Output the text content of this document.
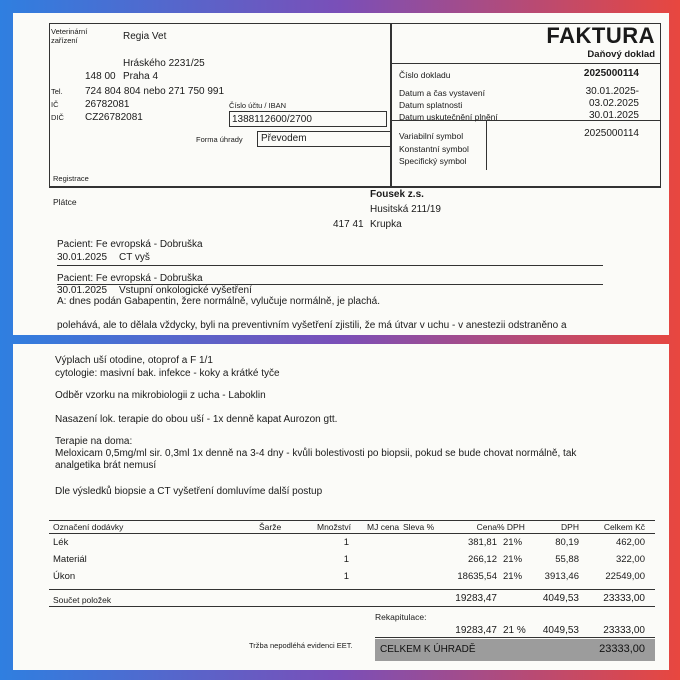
Veterinární zařízení	Regia Vet
Hráského 2231/25
148 00 Praha 4
Tel. 724 804 804 nebo 271 750 991
IČ	26782081	Číslo účtu / IBAN
DIČ CZ26782081	1388112600/2700
Forma úhrady Převodem
Registrace
FAKTURA
Daňový doklad
Číslo dokladu	2025000114
Datum a čas vystavení	30.01.2025-
Datum splatnosti	03.02.2025
Datum uskutečnění plnění	30.01.2025
Variabilní symbol	2025000114
Konstantní symbol
Specifický symbol
Plátce
Fousek z.s.
Husitská 211/19
417 41 Krupka
Pacient: Fe evropská - Dobruška
30.01.2025 CT vyš
Pacient: Fe evropská - Dobruška
30.01.2025 Vstupní onkologické vyšetření
A: dnes podán Gabapentin, žere normálně, vylučuje normálně, je plachá.
polehává, ale to dělala vždycky, byli na preventivním vyšetření zjistili, že má útvar v uchu - v anestezii odstraněno a
Výplach uší otodine, otoprof a F 1/1
cytologie: masivní bak. infekce - koky a krátké tyče
Odběr vzorku na mikrobiologii z ucha - Laboklin
Nasazení lok. terapie do obou uší - 1x denně kapat Aurozon gtt.
Terapie na doma:
Meloxicam 0,5mg/ml sir. 0,3ml 1x denně na 3-4 dny - kvůli bolestivosti po biopsii, pokud se bude chovat normálně, tak
analgetika brát nemusí
Dle výsledků biopsie a CT vyšetření domluvíme další postup
Označení dodávky	Šarže	Množství MJ cena Sleva %	Cena % DPH	DPH	Celkem Kč
Lék	1	381,81 21%	80,19	462,00
Materiál	1	266,12 21%	55,88	322,00
Úkon	1	18635,54 21%	3913,46	22549,00
Součet položek	19283,47	4049,53	23333,00
Rekapitulace:
19283,47 21 %	4049,53	23333,00
Tržba nepodléhá evidenci EET.	CELKEM K ÚHRADĚ	23333,00
